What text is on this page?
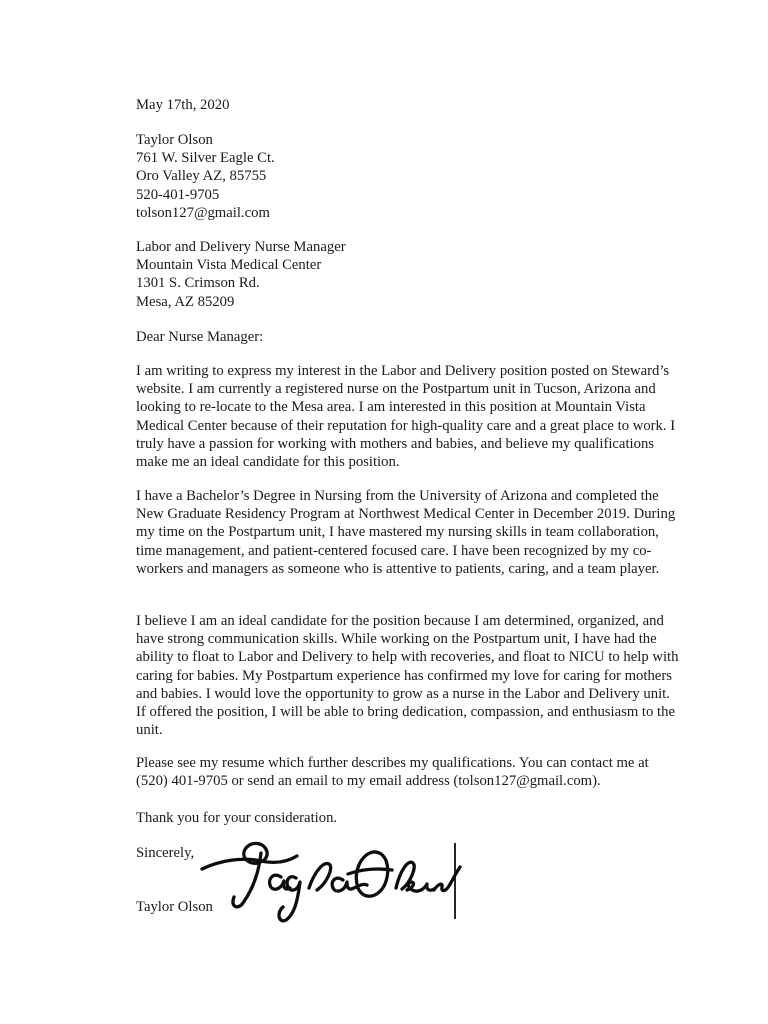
May 17th, 2020
Taylor Olson
761 W. Silver Eagle Ct.
Oro Valley AZ, 85755
520-401-9705
tolson127@gmail.com
Labor and Delivery Nurse Manager
Mountain Vista Medical Center
1301 S. Crimson Rd.
Mesa, AZ 85209
Dear Nurse Manager:

I am writing to express my interest in the Labor and Delivery position posted on Steward’s website. I am currently a registered nurse on the Postpartum unit in Tucson, Arizona and looking to re-locate to the Mesa area. I am interested in this position at Mountain Vista Medical Center because of their reputation for high-quality care and a great place to work. I truly have a passion for working with mothers and babies, and believe my qualifications make me an ideal candidate for this position.

I have a Bachelor’s Degree in Nursing from the University of Arizona and completed the New Graduate Residency Program at Northwest Medical Center in December 2019. During my time on the Postpartum unit, I have mastered my nursing skills in team collaboration, time management, and patient-centered focused care. I have been recognized by my co-workers and managers as someone who is attentive to patients, caring, and a team player.

I believe I am an ideal candidate for the position because I am determined, organized, and have strong communication skills. While working on the Postpartum unit, I have had the ability to float to Labor and Delivery to help with recoveries, and float to NICU to help with caring for babies. My Postpartum experience has confirmed my love for caring for mothers and babies. I would love the opportunity to grow as a nurse in the Labor and Delivery unit. If offered the position, I will be able to bring dedication, compassion, and enthusiasm to the unit.

Please see my resume which further describes my qualifications. You can contact me at (520) 401-9705 or send an email to my email address (tolson127@gmail.com).

Thank you for your consideration.

Sincerely,
Taylor Olson
